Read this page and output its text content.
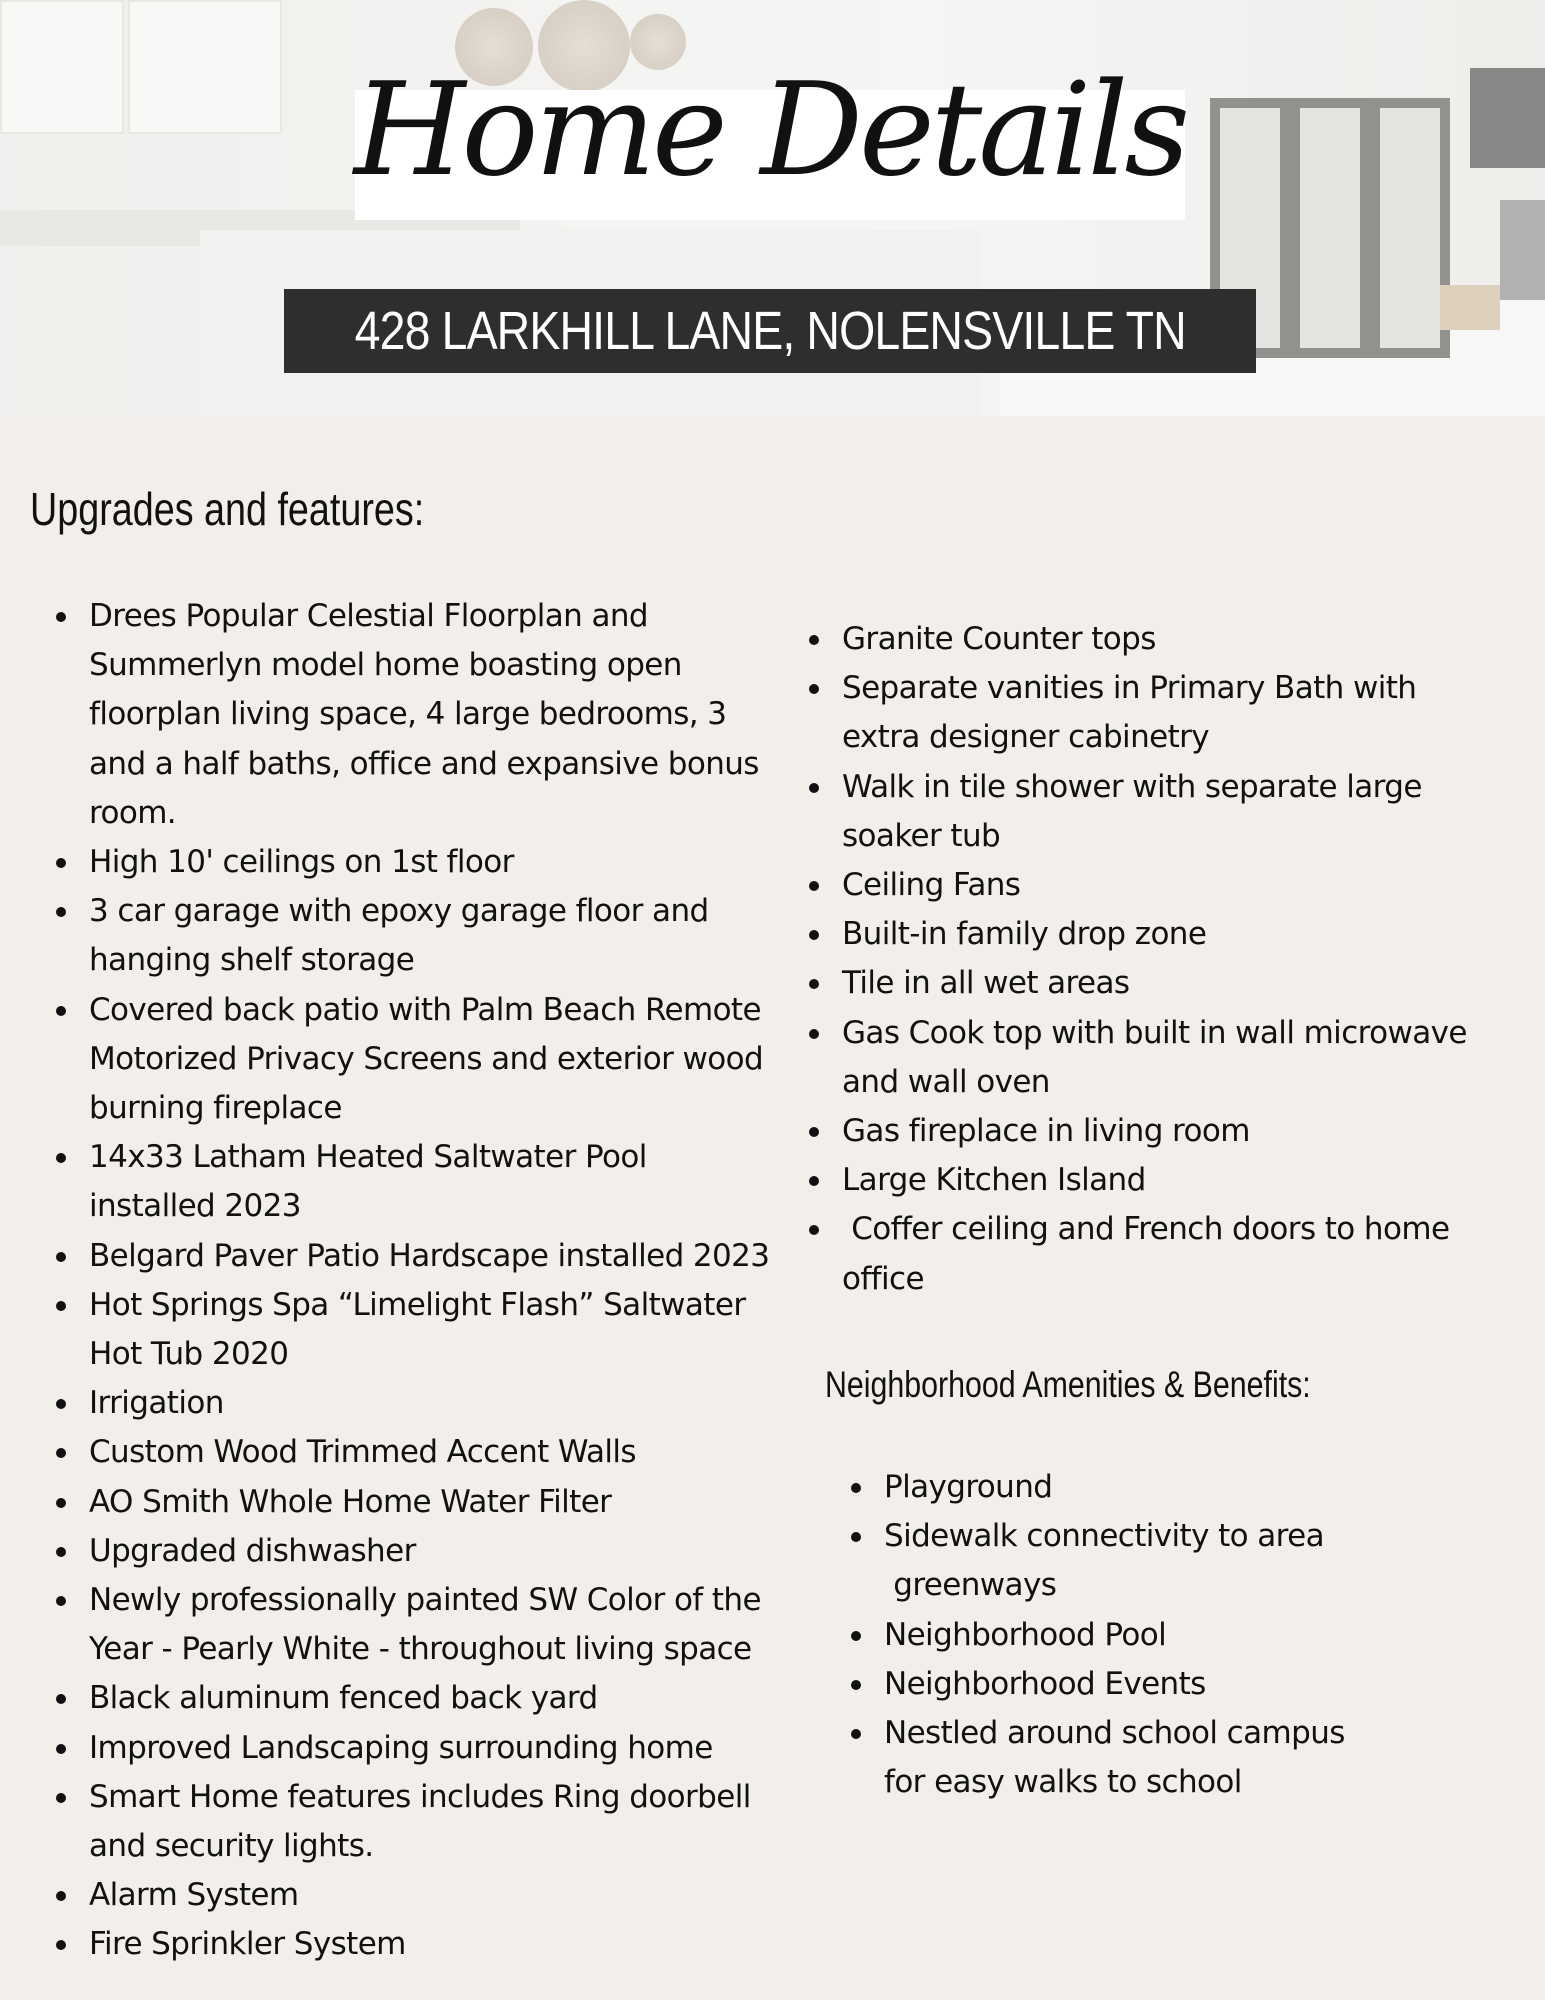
Home Details
428 LARKHILL LANE, NOLENSVILLE TN
Upgrades and features:
Drees Popular Celestial Floorplan and Summerlyn model home boasting open floorplan living space, 4 large bedrooms, 3 and a half baths, office and expansive bonus room.
High 10' ceilings on 1st floor
3 car garage with epoxy garage floor and hanging shelf storage
Covered back patio with Palm Beach Remote Motorized Privacy Screens and exterior wood burning fireplace
14x33 Latham Heated Saltwater Pool installed 2023
Belgard Paver Patio Hardscape installed 2023
Hot Springs Spa “Limelight Flash” Saltwater Hot Tub 2020
Irrigation
Custom Wood Trimmed Accent Walls
AO Smith Whole Home Water Filter
Upgraded dishwasher
Newly professionally painted SW Color of the Year - Pearly White - throughout living space
Black aluminum fenced back yard
Improved Landscaping surrounding home
Smart Home features includes Ring doorbell and security lights.
Alarm System
Fire Sprinkler System
Granite Counter tops
Separate vanities in Primary Bath with extra designer cabinetry
Walk in tile shower with separate large soaker tub
Ceiling Fans
Built-in family drop zone
Tile in all wet areas
Gas Cook top with built in wall microwave and wall oven
Gas fireplace in living room
Large Kitchen Island
Coffer ceiling and French doors to home office
Neighborhood Amenities & Benefits:
Playground
Sidewalk connectivity to area
greenways
Neighborhood Pool
Neighborhood Events
Nestled around school campus
for easy walks to school
